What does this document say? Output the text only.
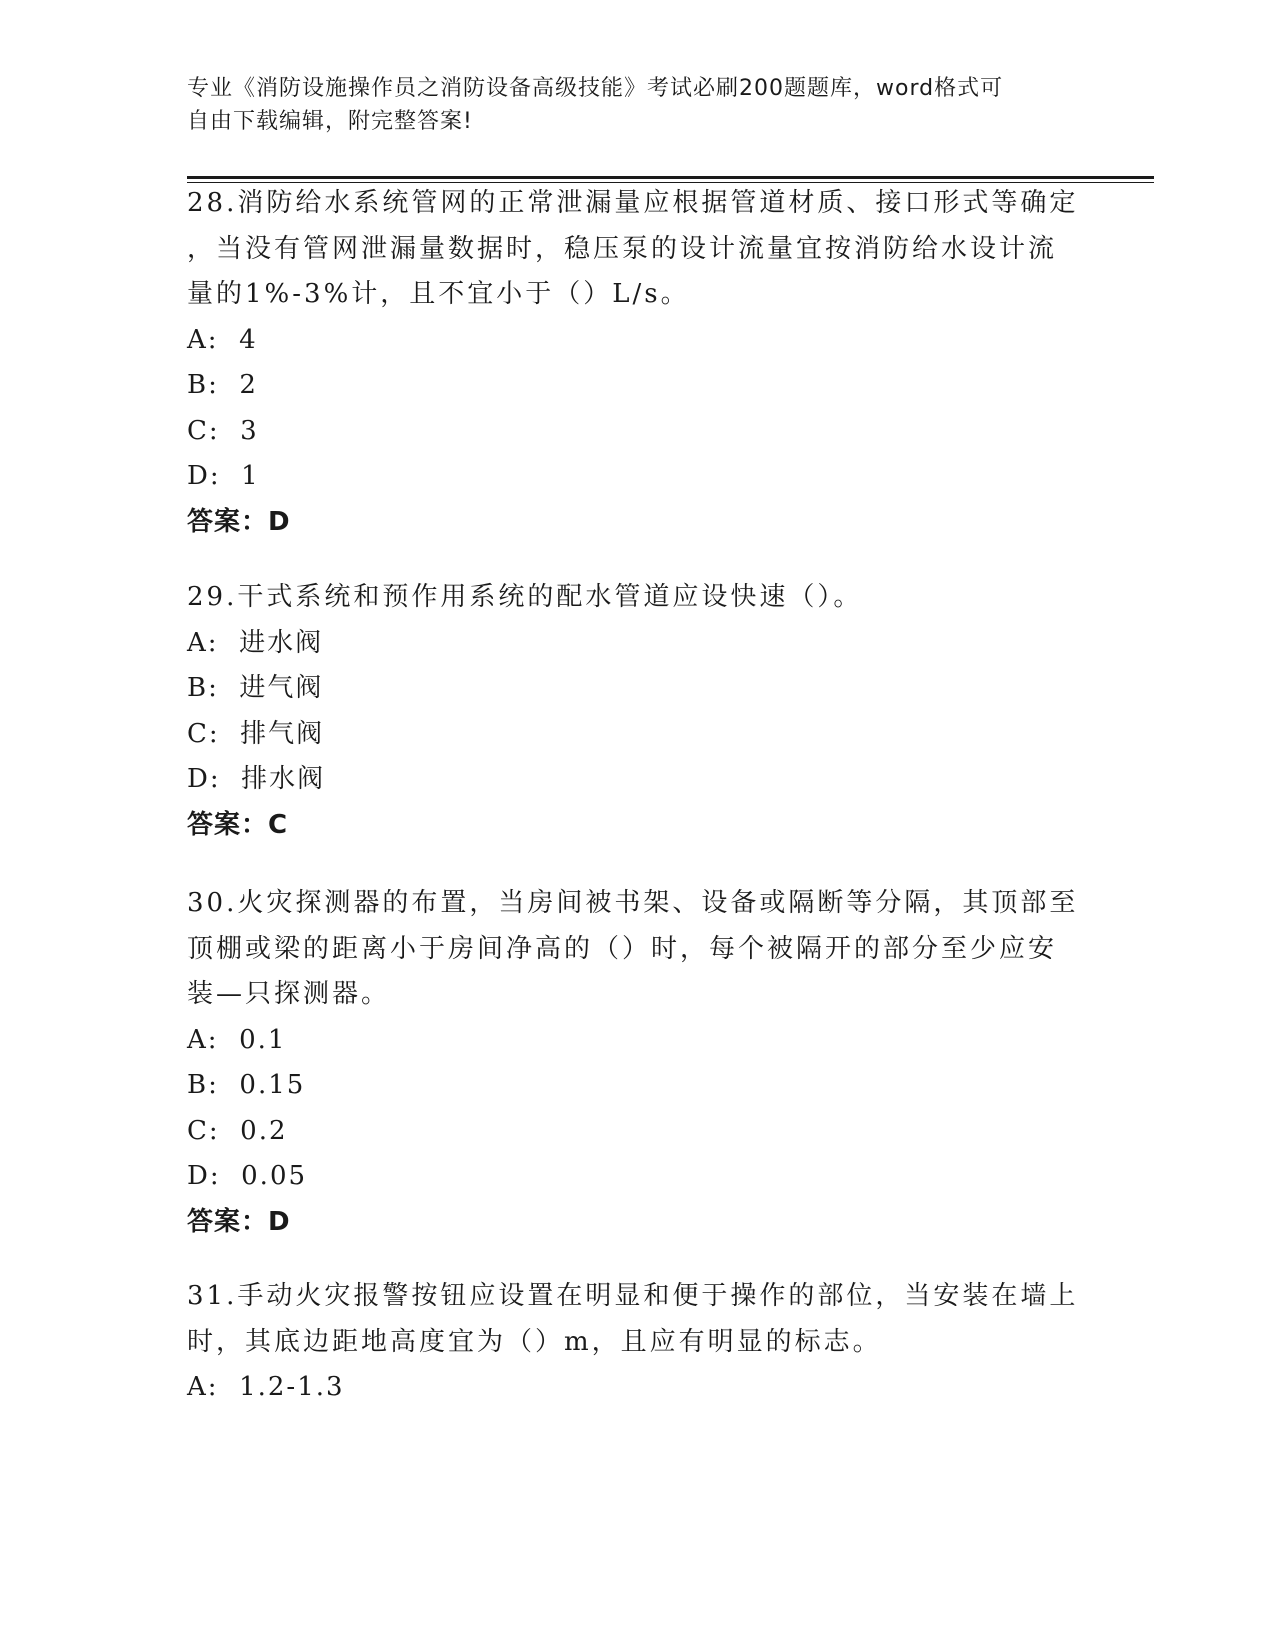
专业《消防设施操作员之消防设备高级技能》考试必刷200题题库，word格式可
自由下载编辑，附完整答案!

28.消防给水系统管网的正常泄漏量应根据管道材质、接口形式等确定

，当没有管网泄漏量数据时，稳压泵的设计流量宜按消防给水设计流

量的1%-3%计，且不宜小于（）L/s。

A:  4

B:  2

C:  3

D:  1

答案：D

29.干式系统和预作用系统的配水管道应设快速（）。

A:  进水阀

B:  进气阀

C:  排气阀

D:  排水阀

答案：C

30.火灾探测器的布置，当房间被书架、设备或隔断等分隔，其顶部至

顶棚或梁的距离小于房间净高的（）时，每个被隔开的部分至少应安

装—只探测器。

A:  0.1

B:  0.15

C:  0.2

D:  0.05

答案：D

31.手动火灾报警按钮应设置在明显和便于操作的部位，当安装在墙上

时，其底边距地高度宜为（）m，且应有明显的标志。

A:  1.2-1.3
